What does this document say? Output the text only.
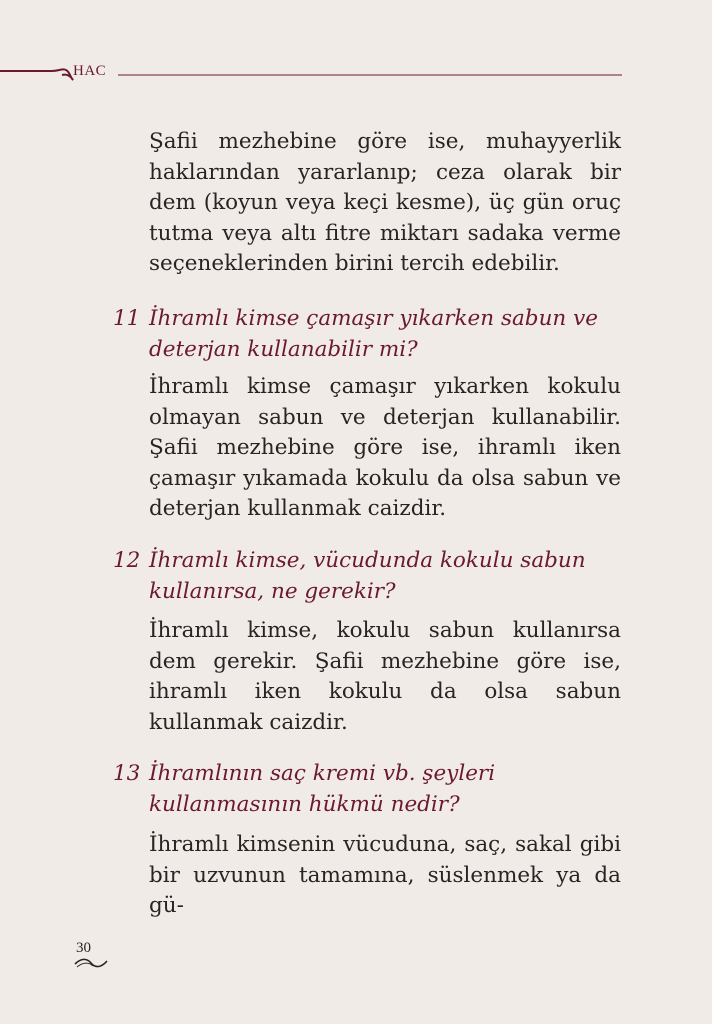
HAC
Şafii mezhebine göre ise, muhayyerlik haklarından yararlanıp; ceza olarak bir dem (koyun veya keçi kesme), üç gün oruç tutma veya altı fitre miktarı sadaka verme seçeneklerinden birini tercih edebilir.
11 İhramlı kimse çamaşır yıkarken sabun ve deterjan kullanabilir mi?
İhramlı kimse çamaşır yıkarken kokulu olmayan sabun ve deterjan kullanabilir. Şafii mezhebine göre ise, ihramlı iken çamaşır yıkamada kokulu da olsa sabun ve deterjan kullanmak caizdir.
12 İhramlı kimse, vücudunda kokulu sabun kullanırsa, ne gerekir?
İhramlı kimse, kokulu sabun kullanırsa dem gerekir. Şafii mezhebine göre ise, ihramlı iken kokulu da olsa sabun kullanmak caizdir.
13 İhramlının saç kremi vb. şeyleri kullanmasının hükmü nedir?
İhramlı kimsenin vücuduna, saç, sakal gibi bir uzvunun tamamına, süslenmek ya da gü-
30
